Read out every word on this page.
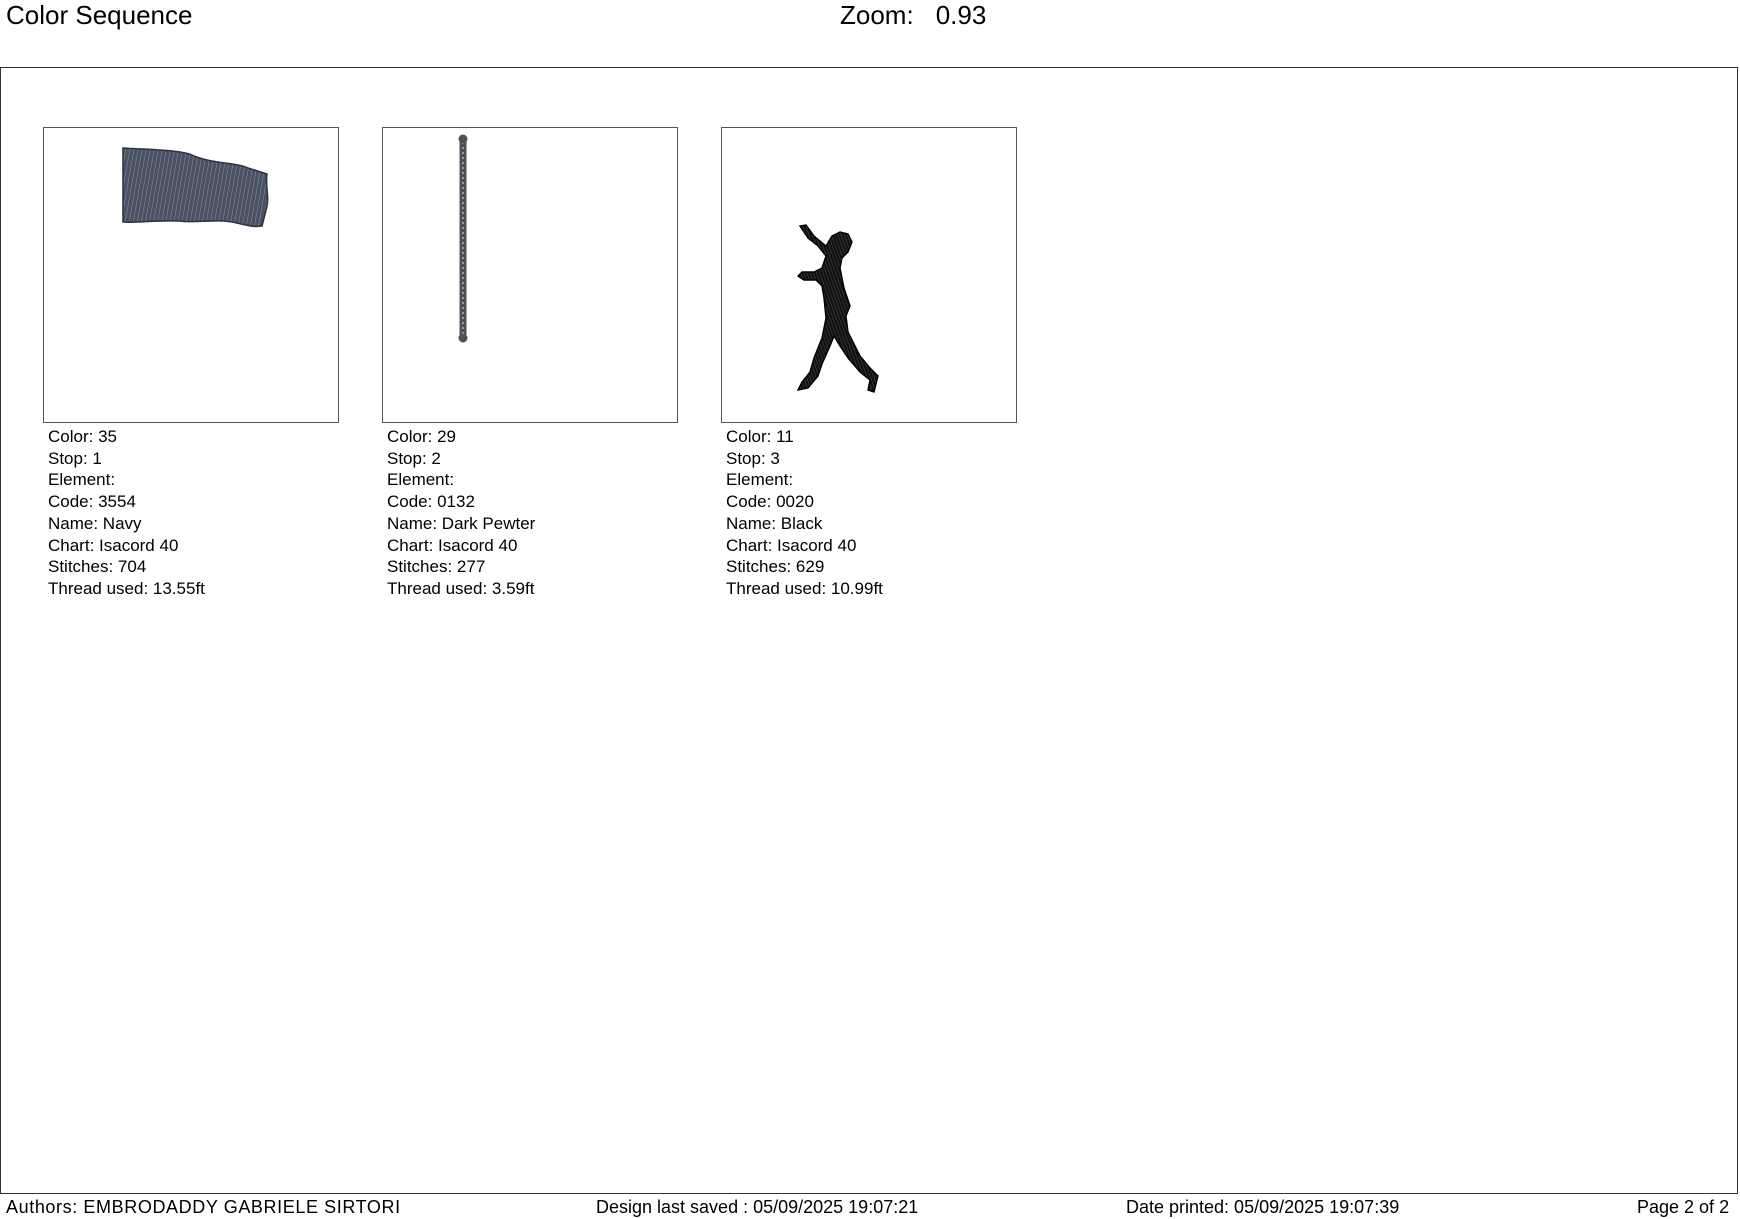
Color Sequence	Zoom: 0.93
Color: 35
Stop: 1
Element:
Code: 3554
Name: Navy
Chart: Isacord 40
Stitches: 704
Thread used: 13.55ft
Color: 29
Stop: 2
Element:
Code: 0132
Name: Dark Pewter
Chart: Isacord 40
Stitches: 277
Thread used: 3.59ft
Color: 11
Stop: 3
Element:
Code: 0020
Name: Black
Chart: Isacord 40
Stitches: 629
Thread used: 10.99ft
Authors: EMBRODADDY GABRIELE SIRTORI	Design last saved : 05/09/2025 19:07:21	Date printed: 05/09/2025 19:07:39	Page 2 of 2
